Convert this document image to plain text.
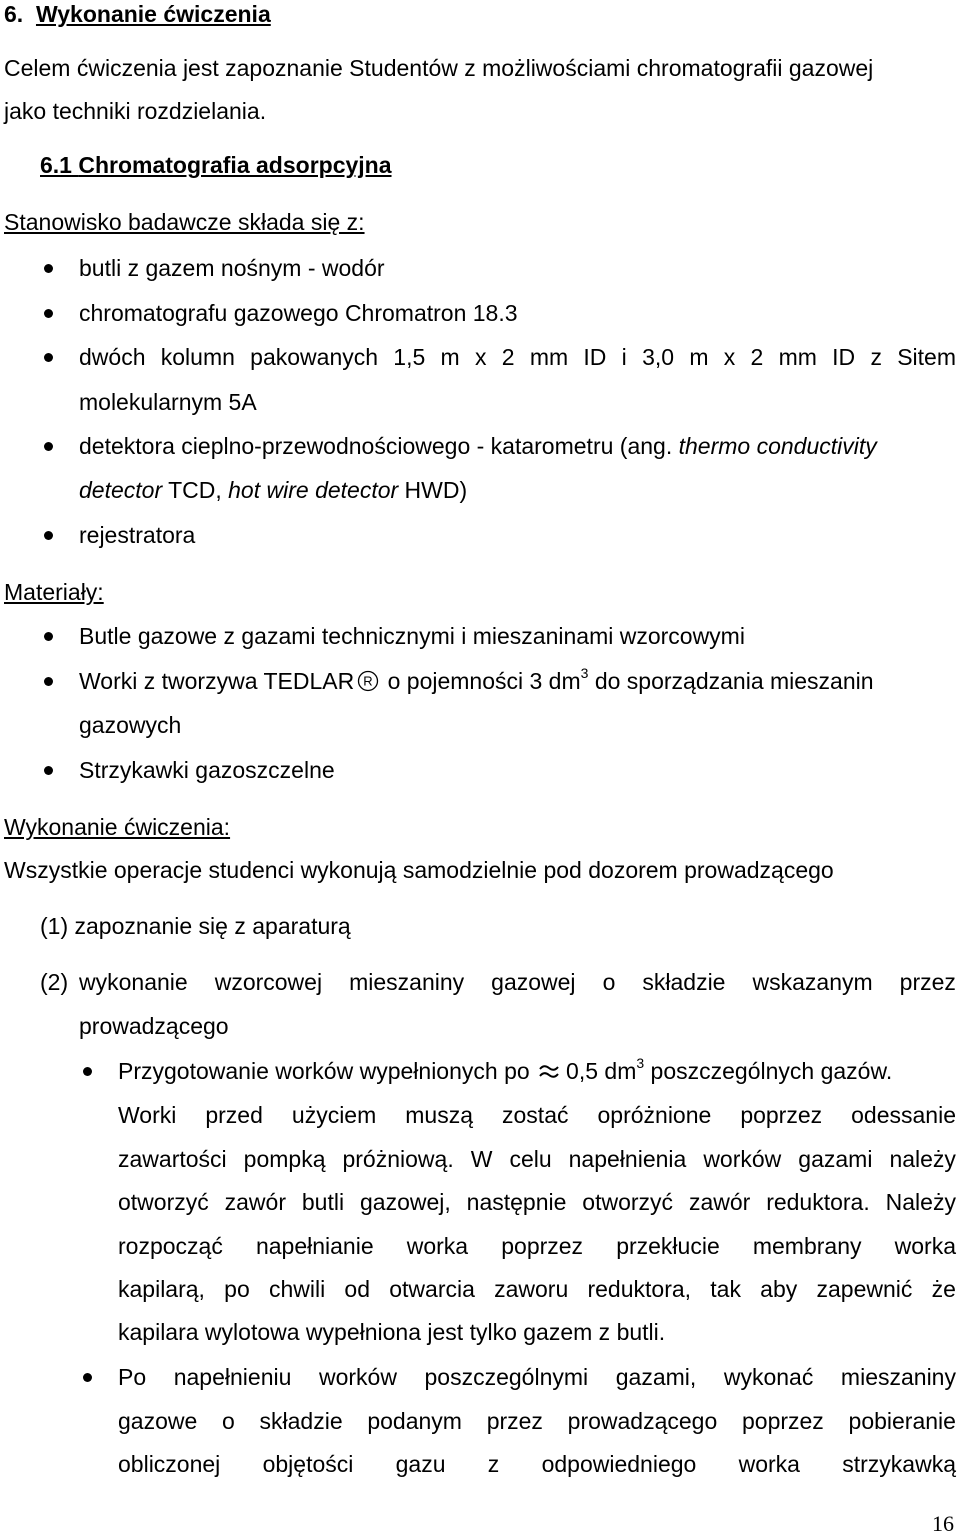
6. Wykonanie ćwiczenia
Celem ćwiczenia jest zapoznanie Studentów z możliwościami chromatografii gazowej
jako techniki rozdzielania.
6.1 Chromatografia adsorpcyjna
Stanowisko badawcze składa się z:
butli z gazem nośnym - wodór
chromatografu gazowego Chromatron 18.3
dwóch kolumn pakowanych 1,5 m x 2 mm ID i 3,0 m x 2 mm ID z Sitem
molekularnym 5A
detektora cieplno-przewodnościowego - katarometru (ang. thermo conductivity
detector TCD, hot wire detector HWD)
rejestratora
Materiały:
Butle gazowe z gazami technicznymi i mieszaninami wzorcowymi
Worki z tworzywa TEDLAR R o pojemności 3 $dm^3$ do sporządzania mieszanin
gazowych
Strzykawki gazoszczelne
Wykonanie ćwiczenia:
Wszystkie operacje studenci wykonują samodzielnie pod dozorem prowadzącego
(1) zapoznanie się z aparaturą
(2) wykonanie wzorcowej mieszaniny gazowej o składzie wskazanym przez
prowadzącego
Przygotowanie worków wypełnionych po 0,5 $dm^3$ poszczególnych gazów.
Worki przed użyciem muszą zostać opróżnione poprzez odessanie
zawartości pompką próżniową. W celu napełnienia worków gazami należy
otworzyć zawór butli gazowej, następnie otworzyć zawór reduktora. Należy
rozpocząć napełnianie worka poprzez przekłucie membrany worka
kapilarą, po chwili od otwarcia zaworu reduktora, tak aby zapewnić że
kapilara wylotowa wypełniona jest tylko gazem z butli.
Po napełnieniu worków poszczególnymi gazami, wykonać mieszaniny
gazowe o składzie podanym przez prowadzącego poprzez pobieranie
obliczonej objętości gazu z odpowiedniego worka strzykawką
16
